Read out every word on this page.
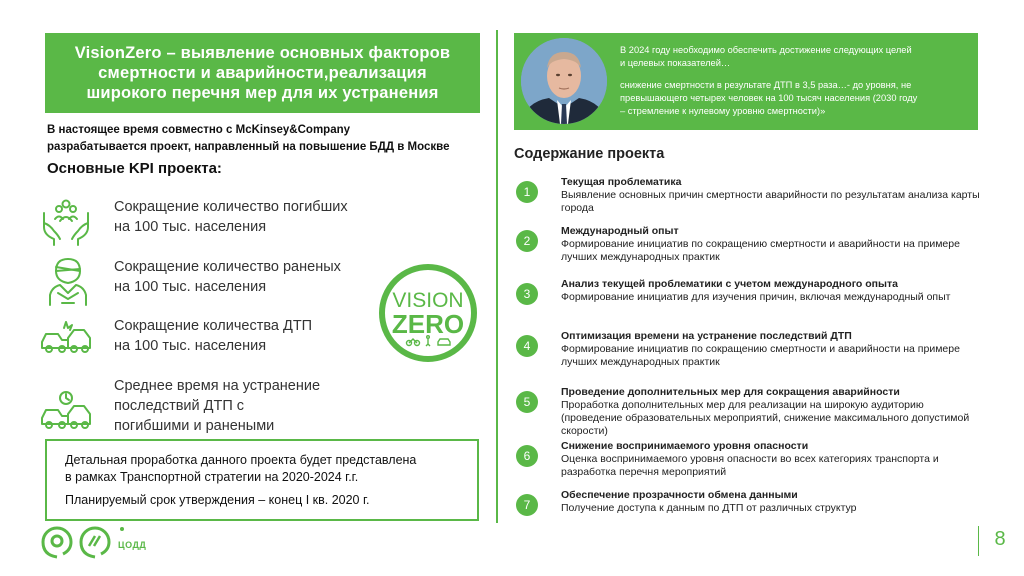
VisionZero – выявление основных факторов смертности и аварийности,реализация широкого перечня мер для их устранения
В настоящее время совместно с McKinsey&Company
разрабатывается проект, направленный на повышение БДД в Москве
Основные KPI проекта:
Сокращение количество погибших
на 100 тыс. населения
Сокращение количество раненых
на 100 тыс. населения
Сокращение количества ДТП
на 100 тыс. населения
Среднее время на устранение
последствий ДТП с
погибшими и ранеными
VISION
ZERO
Детальная проработка данного проекта будет представлена
в рамках Транспортной стратегии на 2020-2024 г.г.
Планируемый срок утверждения – конец I кв. 2020 г.

В 2024 году необходимо обеспечить достижение следующих целей
и целевых показателей…

снижение смертности в результате ДТП в 3,5 раза…- до уровня, не
превышающего четырех человек на 100 тысяч населения (2030 году
– стремление к нулевому уровню смертности)»

Содержание проекта
1
Текущая проблематика
Выявление основных причин смертности аварийности по результатам анализа карты города
2
Международный опыт
Формирование инициатив по сокращению смертности и аварийности на примере лучших международных практик
3
Анализ текущей проблематики с учетом международного опыта
Формирование инициатив для изучения причин, включая международный опыт
4
Оптимизация времени на устранение последствий ДТП
Формирование инициатив по сокращению смертности и аварийности на примере лучших международных практик
5
Проведение дополнительных мер для сокращения аварийности
Проработка дополнительных мер для реализации на широкую аудиторию (проведение образовательных мероприятий, снижение максимального допустимой скорости)
6
Снижение воспринимаемого уровня опасности
Оценка воспринимаемого уровня опасности во всех категориях транспорта и разработка перечня мероприятий
7
Обеспечение прозрачности обмена данными
Получение доступа к данным по ДТП от различных структур
ЦОДД	8
